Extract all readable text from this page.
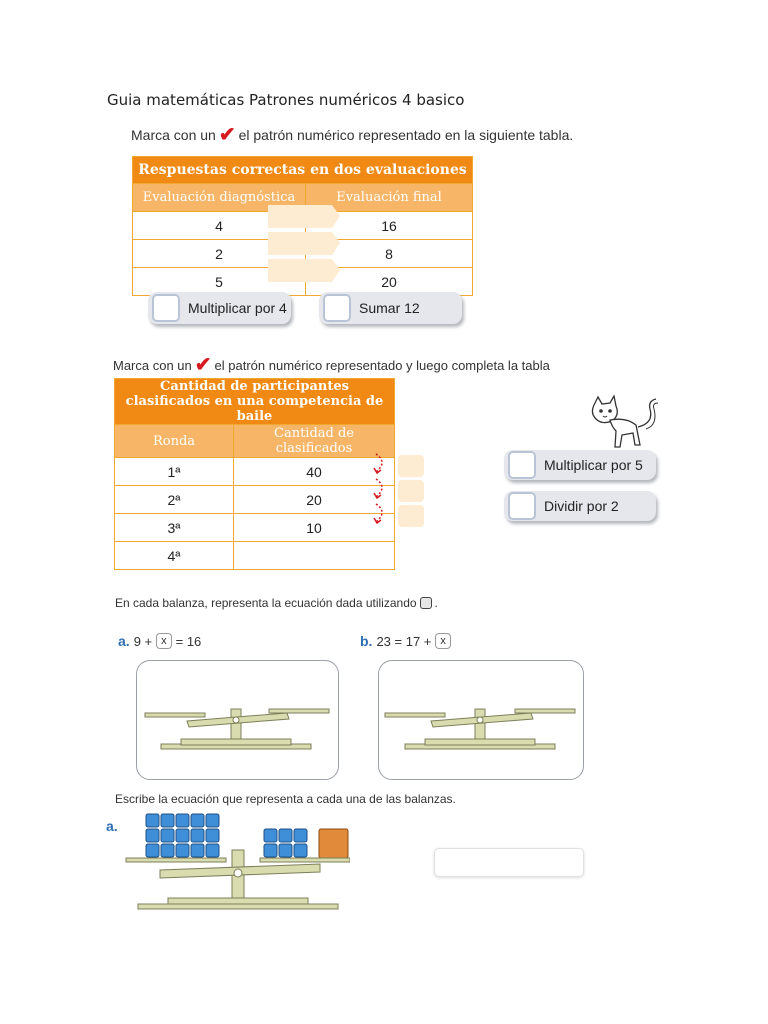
Guia matemáticas Patrones numéricos 4 basico
Marca con un ✔ el patrón numérico representado en la siguiente tabla.
Respuestas correctas en dos evaluaciones	
Evaluación diagnóstica	Evaluación final
4	16
2	8
5	20
Multiplicar por 4	Sumar 12
Marca con un ✔ el patrón numérico representado y luego completa la tabla
Cantidad de participantes clasificados en una competencia de baile	
Ronda	Cantidad de clasificados
1ª	40
2ª	20
3ª	10
4ª	
Multiplicar por 5
Dividir por 2
En cada balanza, representa la ecuación dada utilizando .
a. 9 + x = 16	b. 23 = 17 + x
Escribe la ecuación que representa a cada una de las balanzas.
a.
